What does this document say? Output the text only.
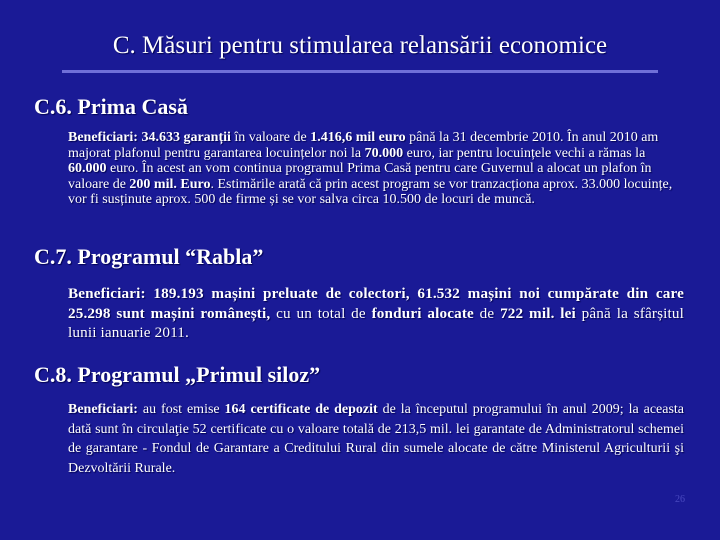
C. Măsuri pentru stimularea relansării economice
C.6. Prima Casă
Beneficiari: 34.633 garanții în valoare de 1.416,6 mil euro până la 31 decembrie 2010. În anul 2010 am majorat plafonul pentru garantarea locuințelor noi la 70.000 euro, iar pentru locuințele vechi a rămas la 60.000 euro. În acest an vom continua programul Prima Casă pentru care Guvernul a alocat un plafon în valoare de 200 mil. Euro. Estimările arată că prin acest program se vor tranzacționa aprox. 33.000 locuințe, vor fi susținute aprox. 500 de firme și se vor salva circa 10.500 de locuri de muncă.
C.7. Programul “Rabla”
Beneficiari: 189.193 mașini preluate de colectori, 61.532 mașini noi cumpărate din care 25.298 sunt mașini românești, cu un total de fonduri alocate de 722 mil. lei până la sfârșitul lunii ianuarie 2011.
C.8. Programul „Primul siloz”
Beneficiari: au fost emise 164 certificate de depozit de la începutul programului în anul 2009; la aceasta dată sunt în circulaţie 52 certificate cu o valoare totală de 213,5 mil. lei garantate de Administratorul schemei de garantare - Fondul de Garantare a Creditului Rural din sumele alocate de către Ministerul Agriculturii şi Dezvoltării Rurale.
26
